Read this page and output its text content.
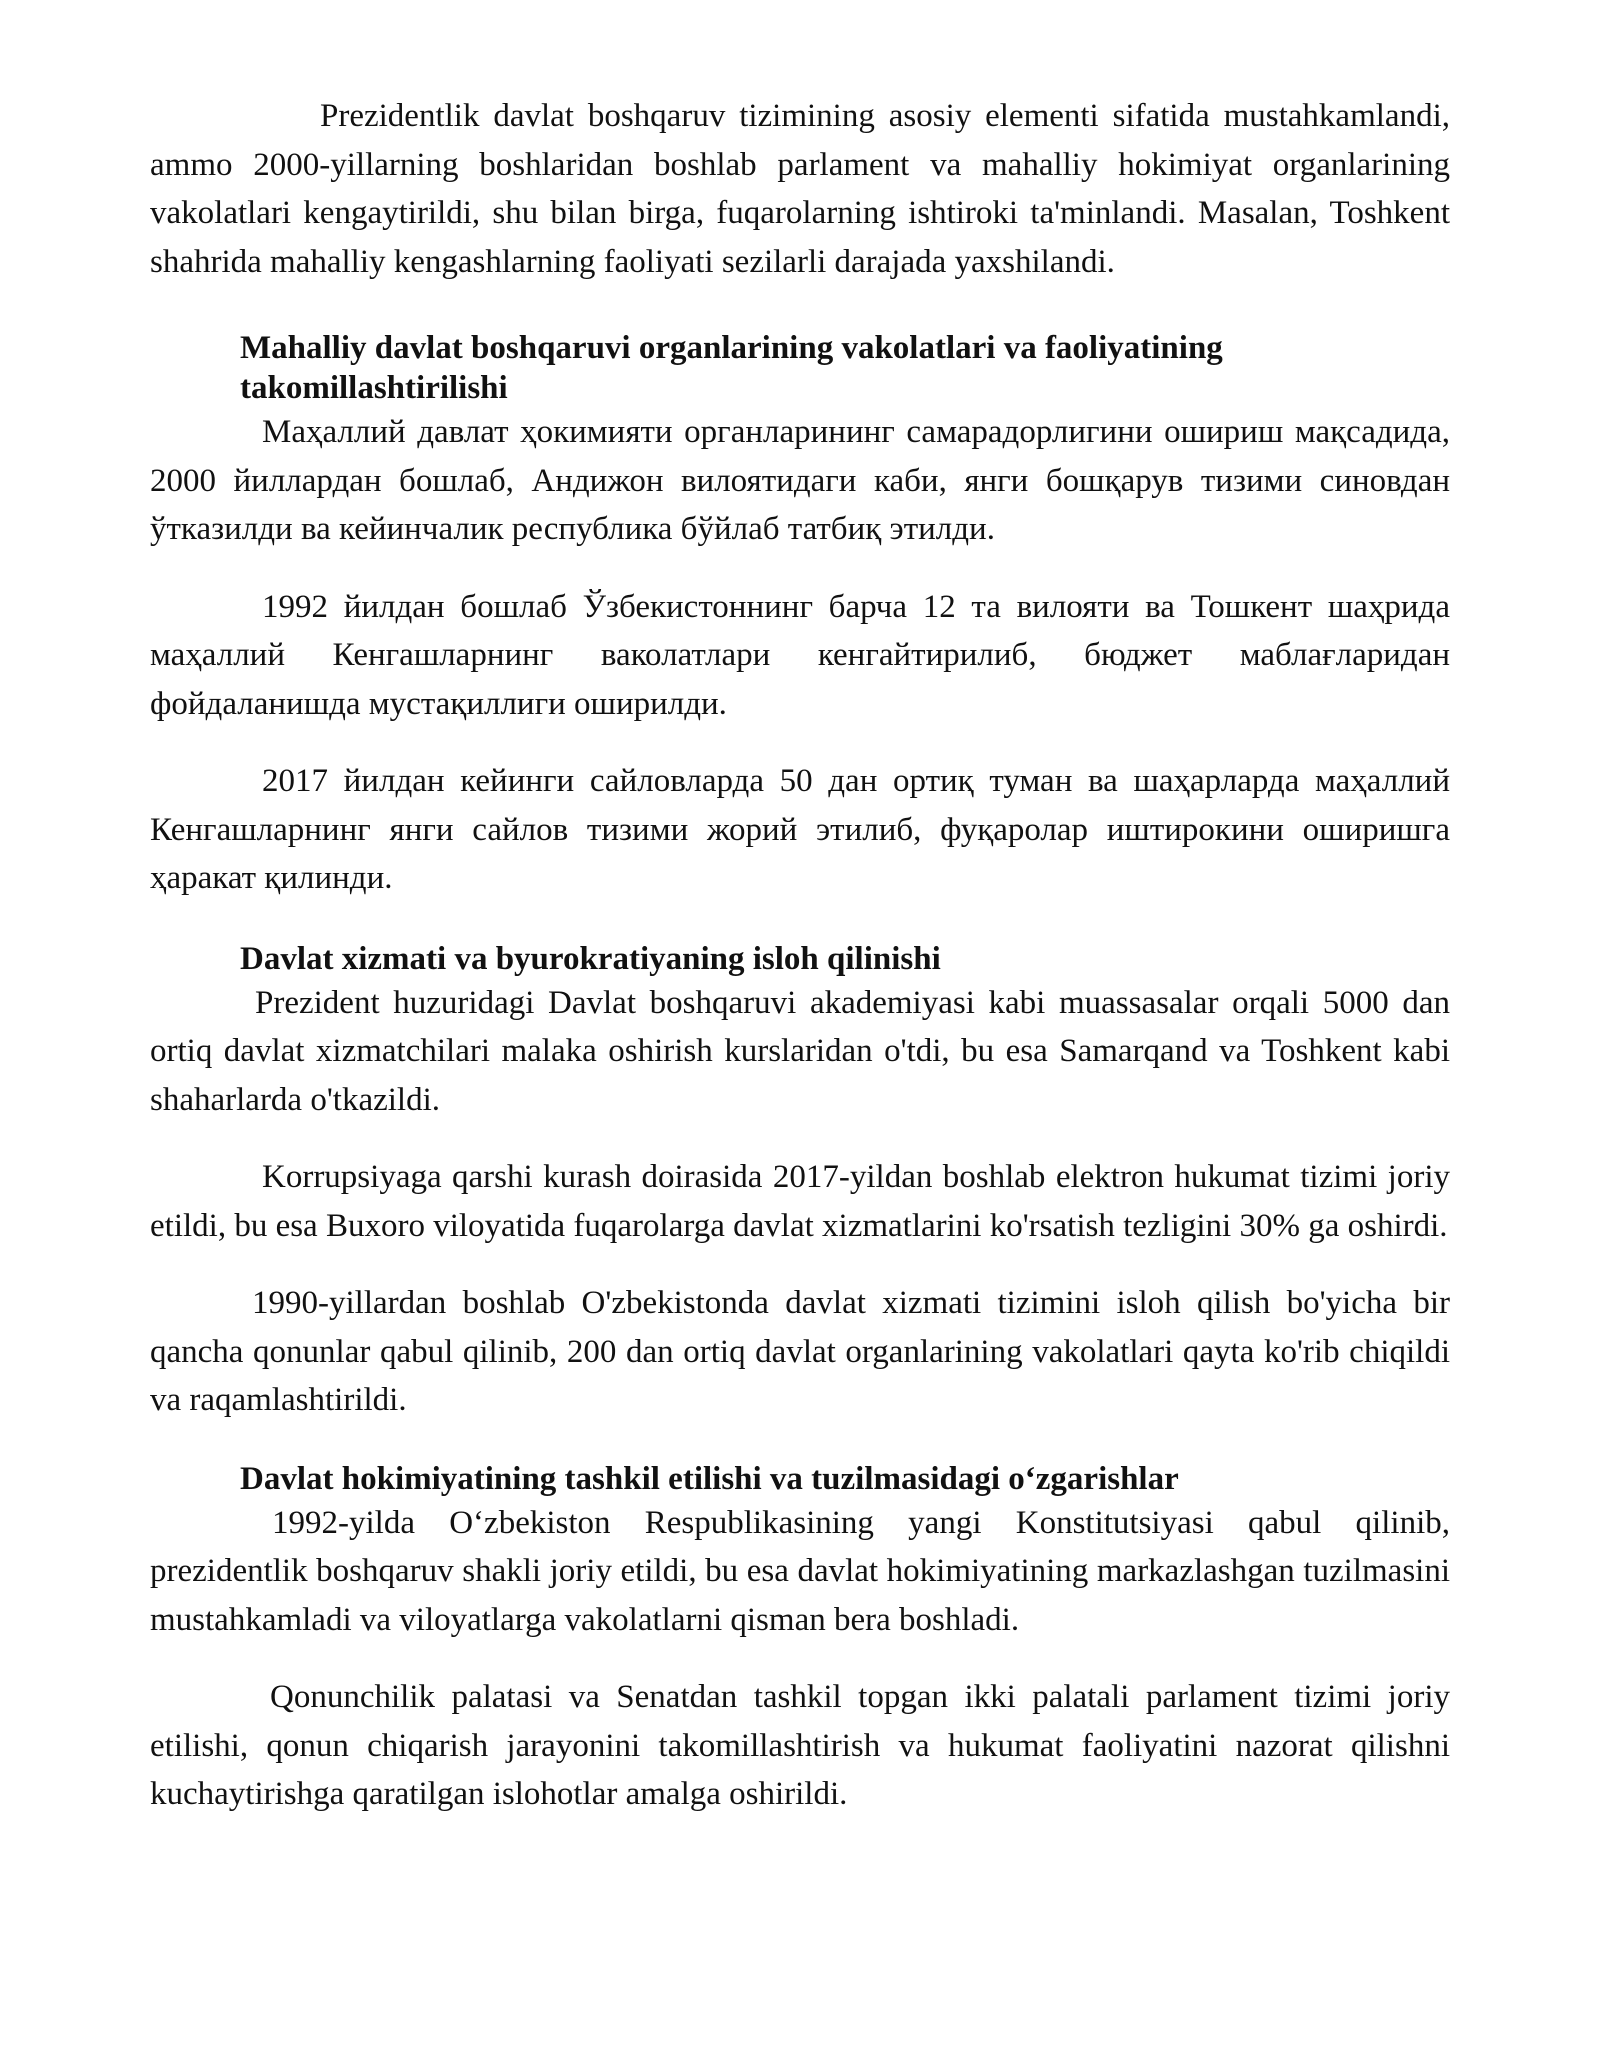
Prezidentlik davlat boshqaruv tizimining asosiy elementi sifatida mustahkamlandi, ammo 2000-yillarning boshlaridan boshlab parlament va mahalliy hokimiyat organlarining vakolatlari kengaytirildi, shu bilan birga, fuqarolarning ishtiroki ta'minlandi. Masalan, Toshkent shahrida mahalliy kengashlarning faoliyati sezilarli darajada yaxshilandi.

Mahalliy davlat boshqaruvi organlarining vakolatlari va faoliyatining takomillashtirilishi

Маҳаллий давлат ҳокимияти органларининг самарадорлигини ошириш мақсадида, 2000 йиллардан бошлаб, Андижон вилоятидаги каби, янги бошқарув тизими синовдан ўтказилди ва кейинчалик республика бўйлаб татбиқ этилди.

1992 йилдан бошлаб Ўзбекистоннинг барча 12 та вилояти ва Тошкент шаҳрида маҳаллий Кенгашларнинг ваколатлари кенгайтирилиб, бюджет маблағларидан фойдаланишда мустақиллиги оширилди.

2017 йилдан кейинги сайловларда 50 дан ортиқ туман ва шаҳарларда маҳаллий Кенгашларнинг янги сайлов тизими жорий этилиб, фуқаролар иштирокини оширишга ҳаракат қилинди.

Davlat xizmati va byurokratiyaning isloh qilinishi

Prezident huzuridagi Davlat boshqaruvi akademiyasi kabi muassasalar orqali 5000 dan ortiq davlat xizmatchilari malaka oshirish kurslaridan o'tdi, bu esa Samarqand va Toshkent kabi shaharlarda o'tkazildi.

Korrupsiyaga qarshi kurash doirasida 2017-yildan boshlab elektron hukumat tizimi joriy etildi, bu esa Buxoro viloyatida fuqarolarga davlat xizmatlarini ko'rsatish tezligini 30% ga oshirdi.

1990-yillardan boshlab O'zbekistonda davlat xizmati tizimini isloh qilish bo'yicha bir qancha qonunlar qabul qilinib, 200 dan ortiq davlat organlarining vakolatlari qayta ko'rib chiqildi va raqamlashtirildi.

Davlat hokimiyatining tashkil etilishi va tuzilmasidagi oʻzgarishlar

1992-yilda Oʻzbekiston Respublikasining yangi Konstitutsiyasi qabul qilinib, prezidentlik boshqaruv shakli joriy etildi, bu esa davlat hokimiyatining markazlashgan tuzilmasini mustahkamladi va viloyatlarga vakolatlarni qisman bera boshladi.

Qonunchilik palatasi va Senatdan tashkil topgan ikki palatali parlament tizimi joriy etilishi, qonun chiqarish jarayonini takomillashtirish va hukumat faoliyatini nazorat qilishni kuchaytirishga qaratilgan islohotlar amalga oshirildi.
